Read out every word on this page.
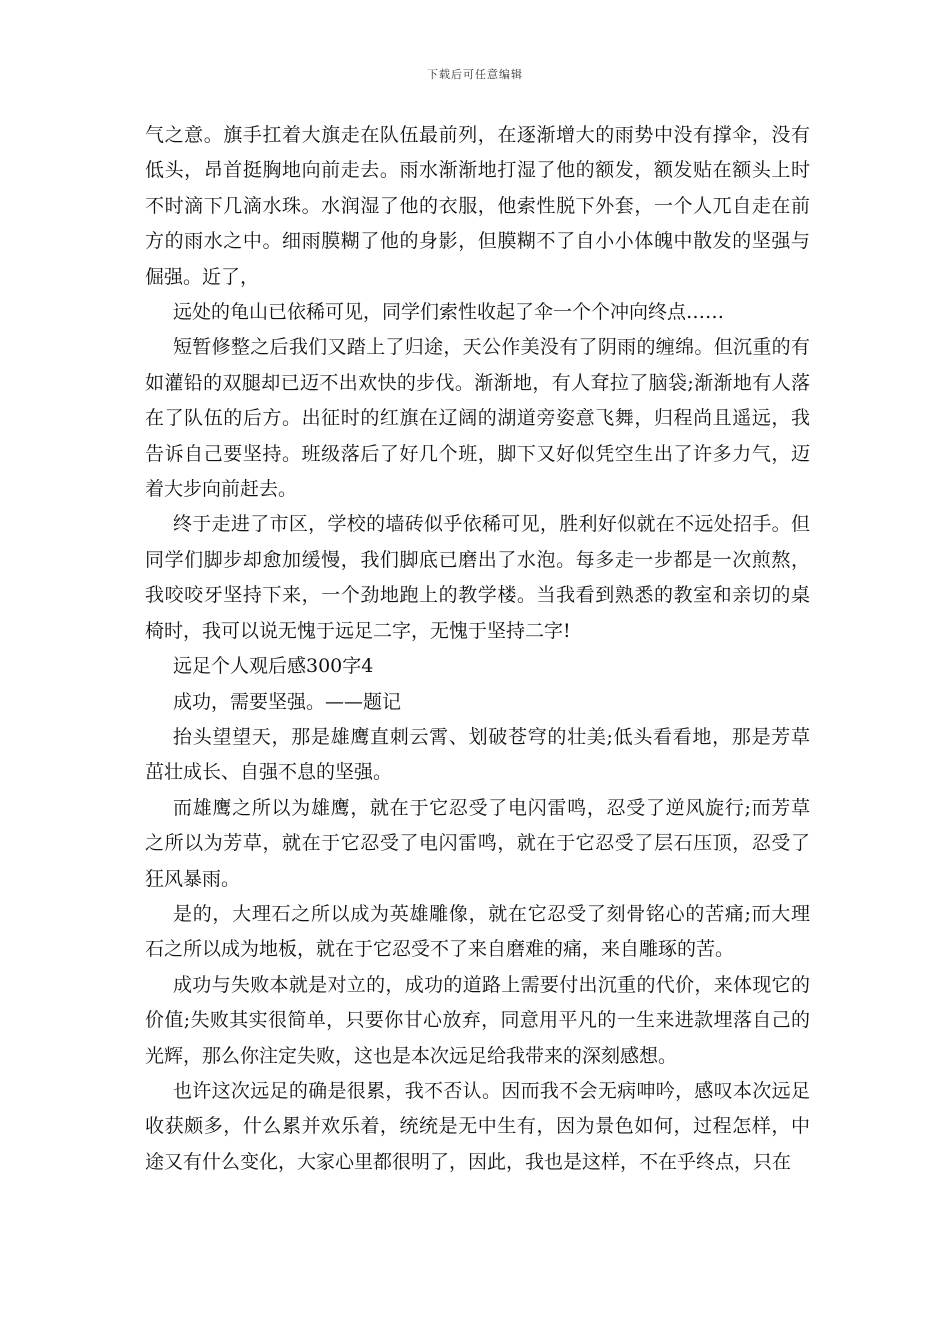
下载后可任意编辑
气之意。旗手扛着大旗走在队伍最前列，在逐渐增大的雨势中没有撑伞，没有
低头，昂首挺胸地向前走去。雨水渐渐地打湿了他的额发，额发贴在额头上时
不时滴下几滴水珠。水润湿了他的衣服，他索性脱下外套，一个人兀自走在前
方的雨水之中。细雨膜糊了他的身影，但膜糊不了自小小体魄中散发的坚强与
倔强。近了，
远处的龟山已依稀可见，同学们索性收起了伞一个个冲向终点……
短暂修整之后我们又踏上了归途，天公作美没有了阴雨的缠绵。但沉重的有
如灌铅的双腿却已迈不出欢快的步伐。渐渐地，有人耷拉了脑袋;渐渐地有人落
在了队伍的后方。出征时的红旗在辽阔的湖道旁姿意飞舞，归程尚且遥远，我
告诉自己要坚持。班级落后了好几个班，脚下又好似凭空生出了许多力气，迈
着大步向前赶去。
终于走进了市区，学校的墙砖似乎依稀可见，胜利好似就在不远处招手。但
同学们脚步却愈加缓慢，我们脚底已磨出了水泡。每多走一步都是一次煎熬，
我咬咬牙坚持下来，一个劲地跑上的教学楼。当我看到熟悉的教室和亲切的桌
椅时，我可以说无愧于远足二字，无愧于坚持二字!
远足个人观后感300字4
成功，需要坚强。——题记
抬头望望天，那是雄鹰直刺云霄、划破苍穹的壮美;低头看看地，那是芳草
茁壮成长、自强不息的坚强。
而雄鹰之所以为雄鹰，就在于它忍受了电闪雷鸣，忍受了逆风旋行;而芳草
之所以为芳草，就在于它忍受了电闪雷鸣，就在于它忍受了层石压顶，忍受了
狂风暴雨。
是的，大理石之所以成为英雄雕像，就在它忍受了刻骨铭心的苦痛;而大理
石之所以成为地板，就在于它忍受不了来自磨难的痛，来自雕琢的苦。
成功与失败本就是对立的，成功的道路上需要付出沉重的代价，来体现它的
价值;失败其实很简单，只要你甘心放弃，同意用平凡的一生来进款埋落自己的
光辉，那么你注定失败，这也是本次远足给我带来的深刻感想。
也许这次远足的确是很累，我不否认。因而我不会无病呻吟，感叹本次远足
收获颇多，什么累并欢乐着，统统是无中生有，因为景色如何，过程怎样，中
途又有什么变化，大家心里都很明了，因此，我也是这样，不在乎终点，只在
